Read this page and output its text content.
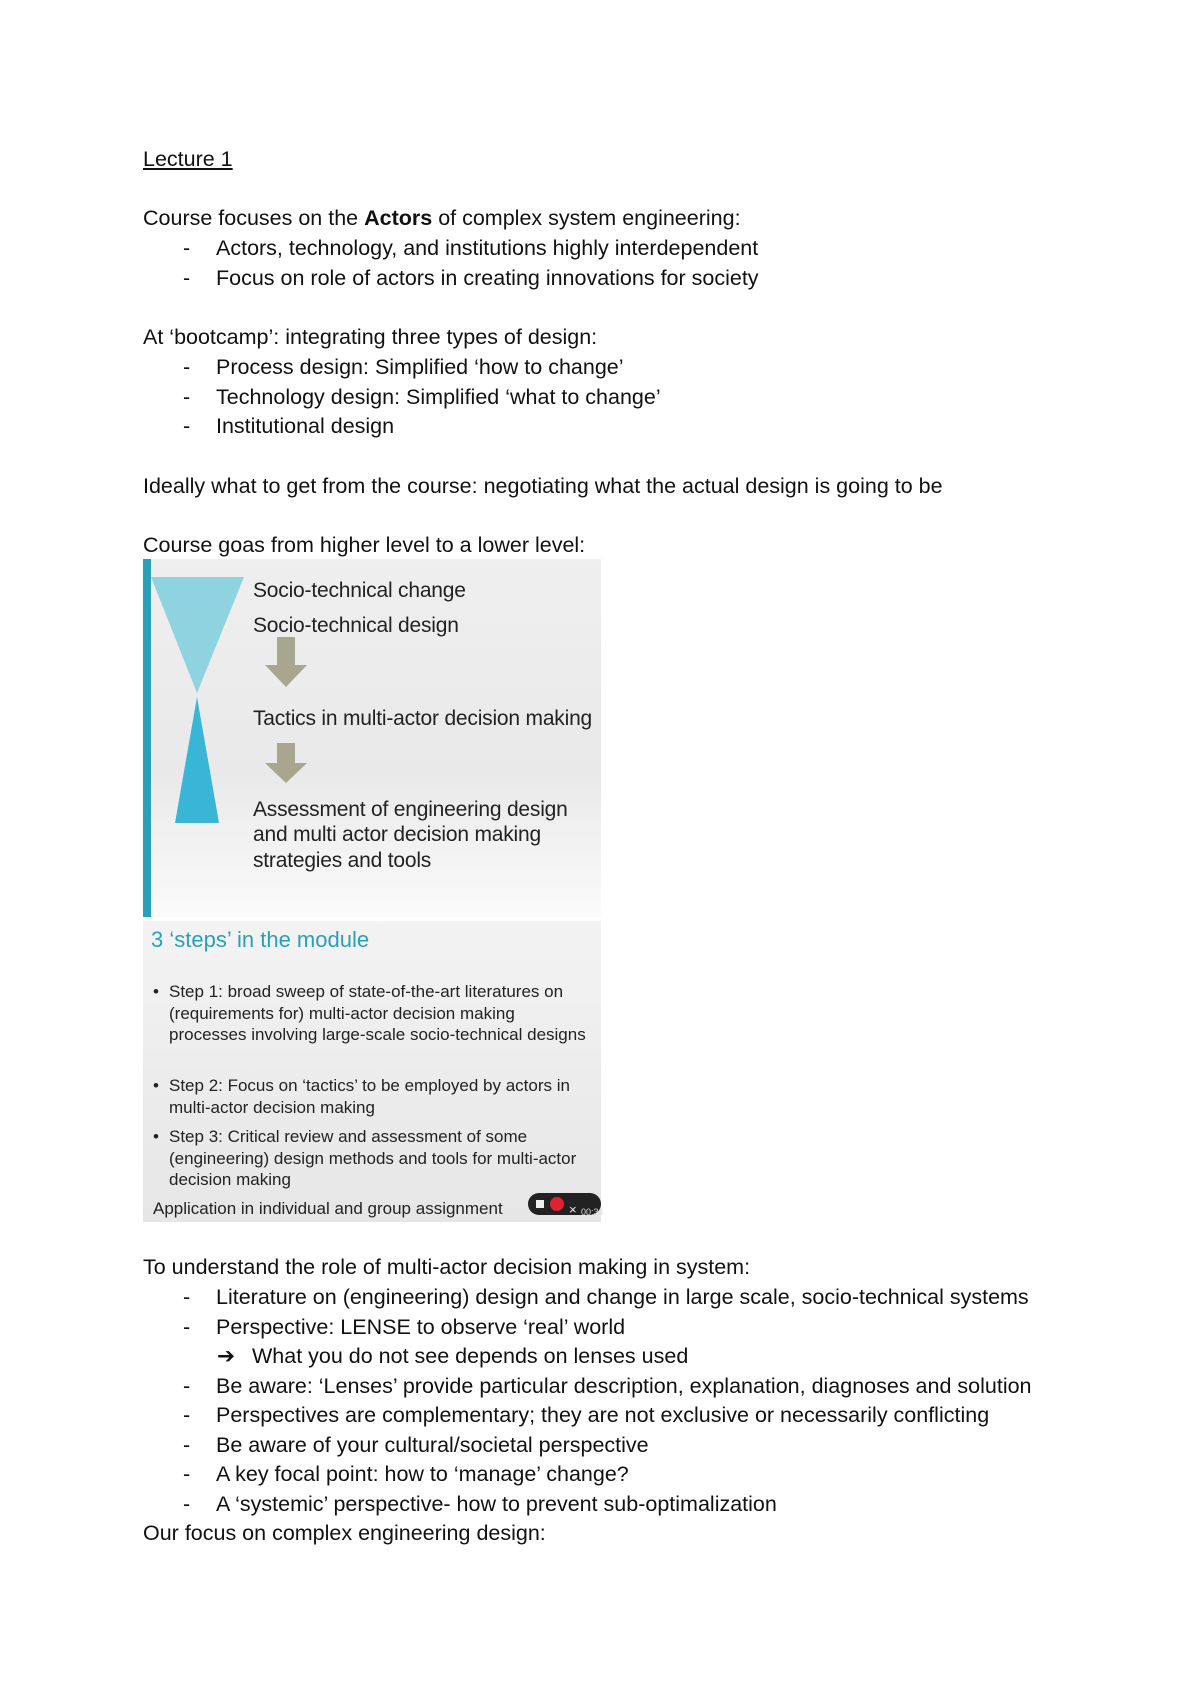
Lecture 1
Course focuses on the Actors of complex system engineering:
-	Actors, technology, and institutions highly interdependent
-	Focus on role of actors in creating innovations for society
At ‘bootcamp’: integrating three types of design:
-	Process design: Simplified ‘how to change’
-	Technology design: Simplified ‘what to change’
-	Institutional design
Ideally what to get from the course: negotiating what the actual design is going to be
Course goas from higher level to a lower level:
Socio-technical change
Socio-technical design
Tactics in multi-actor decision making
Assessment of engineering design
and multi actor decision making
strategies and tools
3 ‘steps’ in the module
• Step 1: broad sweep of state-of-the-art literatures on (requirements for) multi-actor decision making processes involving large-scale socio-technical designs
• Step 2: Focus on ‘tactics’ to be employed by actors in multi-actor decision making
• Step 3: Critical review and assessment of some (engineering) design methods and tools for multi-actor decision making
Application in individual and group assignment	× 00:34
To understand the role of multi-actor decision making in system:
-	Literature on (engineering) design and change in large scale, socio-technical systems
-	Perspective: LENSE to observe ‘real’ world
➔ What you do not see depends on lenses used
-	Be aware: ‘Lenses’ provide particular description, explanation, diagnoses and solution
-	Perspectives are complementary; they are not exclusive or necessarily conflicting
-	Be aware of your cultural/societal perspective
-	A key focal point: how to ‘manage’ change?
-	A ‘systemic’ perspective- how to prevent sub-optimalization
Our focus on complex engineering design:
